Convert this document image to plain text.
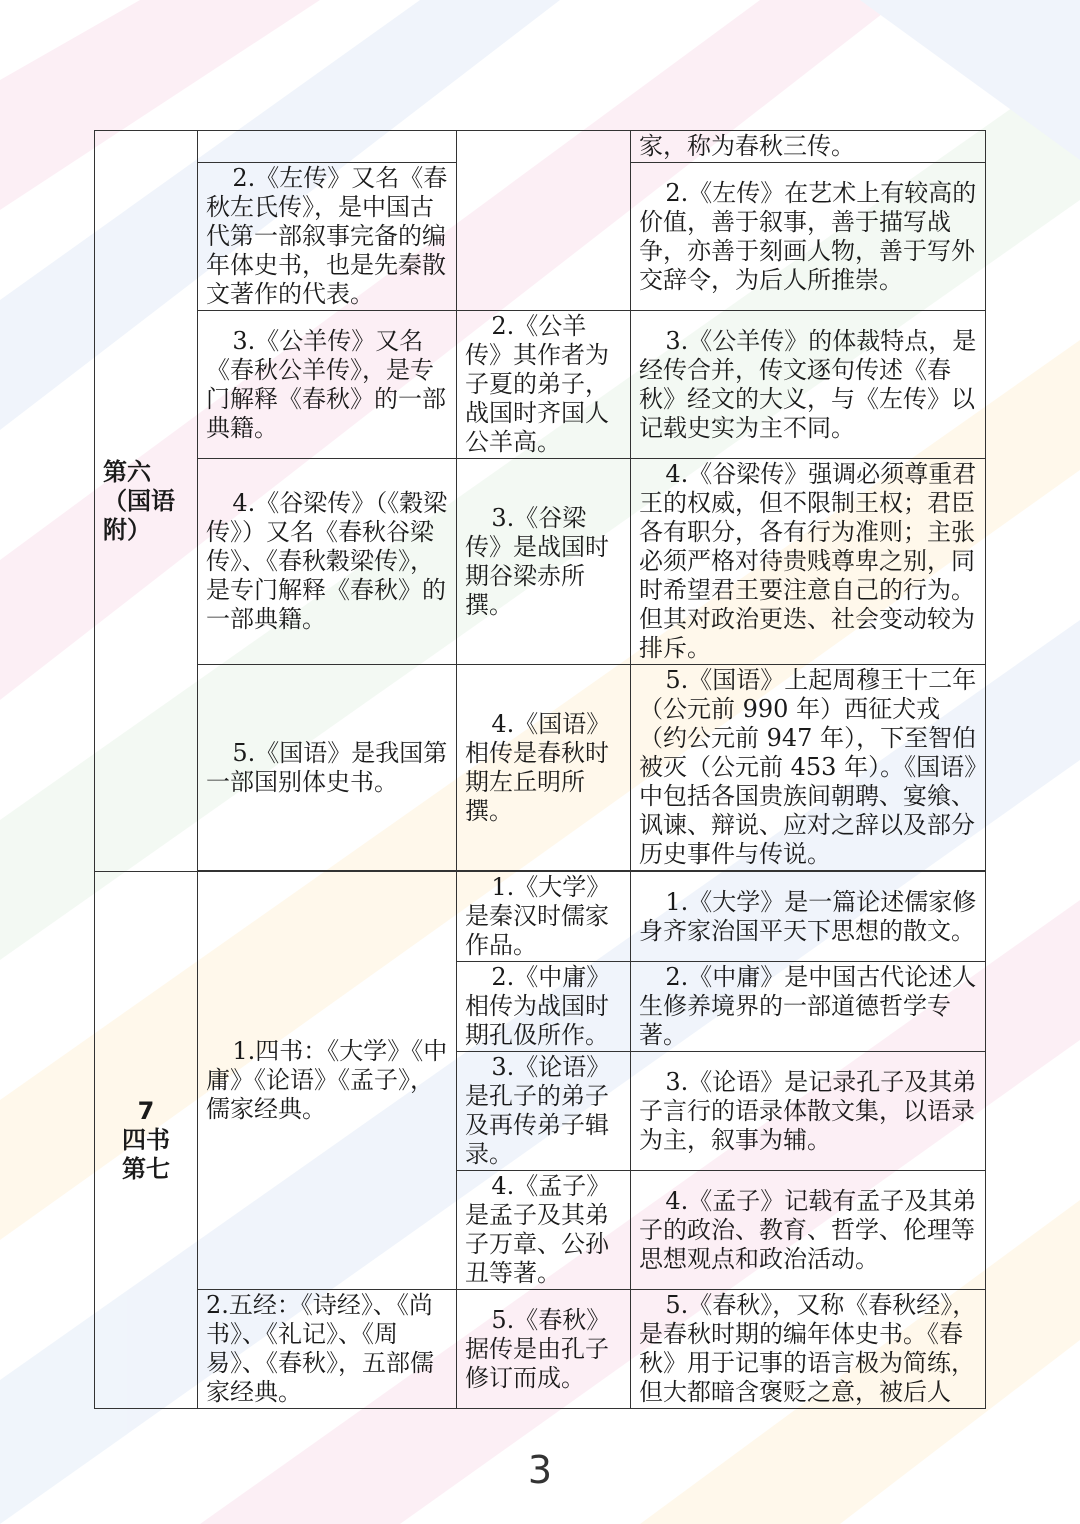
第六（国语附）			家，称为春秋三传。
	2.《左传》又名《春秋左氏传》，是中国古代第一部叙事完备的编年体史书，也是先秦散文著作的代表。		2.《左传》在艺术上有较高的价值，善于叙事，善于描写战争，亦善于刻画人物，善于写外交辞令，为后人所推崇。
	3.《公羊传》又名《春秋公羊传》，是专门解释《春秋》的一部典籍。	2.《公羊传》其作者为子夏的弟子，战国时齐国人公羊高。	3.《公羊传》的体裁特点，是经传合并，传文逐句传述《春秋》经文的大义，与《左传》以记载史实为主不同。
	4.《谷梁传》（《穀梁传》）又名《春秋谷梁传》、《春秋穀梁传》，是专门解释《春秋》的一部典籍。	3.《谷梁传》是战国时期谷梁赤所撰。	4.《谷梁传》强调必须尊重君王的权威，但不限制王权；君臣各有职分，各有行为准则；主张必须严格对待贵贱尊卑之别，同时希望君王要注意自己的行为。但其对政治更迭、社会变动较为排斥。
	5.《国语》是我国第一部国别体史书。	4.《国语》相传是春秋时期左丘明所撰。	5.《国语》上起周穆王十二年（公元前 990 年）西征犬戎（约公元前 947 年），下至智伯被灭（公元前 453 年）。《国语》中包括各国贵族间朝聘、宴飨、讽谏、辩说、应对之辞以及部分历史事件与传说。

7
四书第七	1.四书：《大学》《中庸》《论语》《孟子》，儒家经典。	1.《大学》是秦汉时儒家作品。	1.《大学》是一篇论述儒家修身齐家治国平天下思想的散文。
		2.《中庸》相传为战国时期孔伋所作。	2.《中庸》是中国古代论述人生修养境界的一部道德哲学专著。
		3.《论语》是孔子的弟子及再传弟子辑录。	3.《论语》是记录孔子及其弟子言行的语录体散文集，以语录为主，叙事为辅。
		4.《孟子》是孟子及其弟子万章、公孙丑等著。	4.《孟子》记载有孟子及其弟子的政治、教育、哲学、伦理等思想观点和政治活动。
	2.五经：《诗经》、《尚书》、《礼记》、《周易》、《春秋》，五部儒家经典。	5.《春秋》据传是由孔子修订而成。	5.《春秋》，又称《春秋经》，是春秋时期的编年体史书。《春秋》用于记事的语言极为简练，但大都暗含褒贬之意，被后人
3
